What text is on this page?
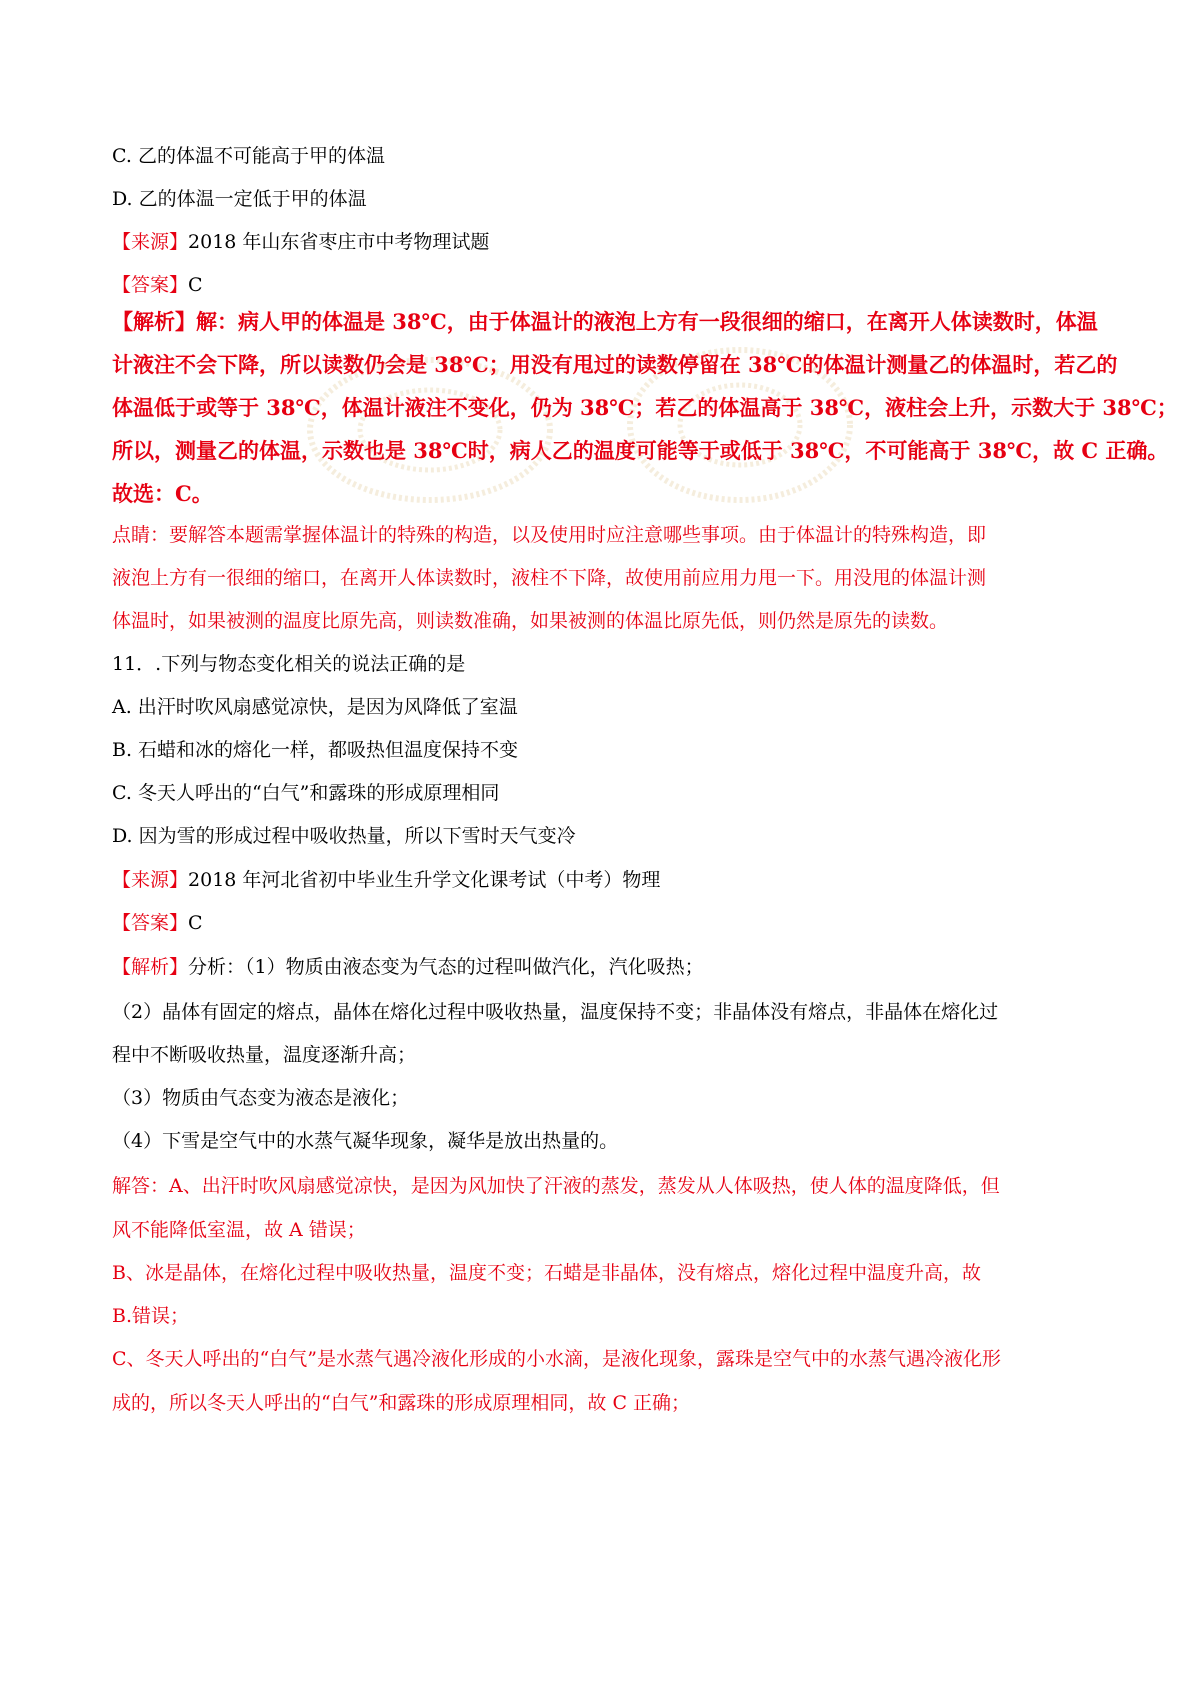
C. 乙的体温不可能高于甲的体温
D. 乙的体温一定低于甲的体温
【来源】2018 年山东省枣庄市中考物理试题
【答案】C
【解析】解：病人甲的体温是 38℃，由于体温计的液泡上方有一段很细的缩口，在离开人体读数时，体温
计液注不会下降，所以读数仍会是 38℃；用没有甩过的读数停留在 38℃的体温计测量乙的体温时，若乙的
体温低于或等于 38℃，体温计液注不变化，仍为 38℃；若乙的体温高于 38℃，液柱会上升，示数大于 38℃；
所以，测量乙的体温，示数也是 38℃时，病人乙的温度可能等于或低于 38℃，不可能高于 38℃，故 C 正确。
故选：C。
点睛：要解答本题需掌握体温计的特殊的构造，以及使用时应注意哪些事项。由于体温计的特殊构造，即
液泡上方有一很细的缩口，在离开人体读数时，液柱不下降，故使用前应用力甩一下。用没甩的体温计测
体温时，如果被测的温度比原先高，则读数准确，如果被测的体温比原先低，则仍然是原先的读数。
11．.下列与物态变化相关的说法正确的是
A. 出汗时吹风扇感觉凉快，是因为风降低了室温
B. 石蜡和冰的熔化一样，都吸热但温度保持不变
C. 冬天人呼出的“白气”和露珠的形成原理相同
D. 因为雪的形成过程中吸收热量，所以下雪时天气变冷
【来源】2018 年河北省初中毕业生升学文化课考试（中考）物理
【答案】C
【解析】分析：（1）物质由液态变为气态的过程叫做汽化，汽化吸热；
（2）晶体有固定的熔点，晶体在熔化过程中吸收热量，温度保持不变；非晶体没有熔点，非晶体在熔化过
程中不断吸收热量，温度逐渐升高；
（3）物质由气态变为液态是液化；
（4）下雪是空气中的水蒸气凝华现象，凝华是放出热量的。
解答：A、出汗时吹风扇感觉凉快，是因为风加快了汗液的蒸发，蒸发从人体吸热，使人体的温度降低，但
风不能降低室温，故 A 错误；
B、冰是晶体，在熔化过程中吸收热量，温度不变；石蜡是非晶体，没有熔点，熔化过程中温度升高，故
B.错误；
C、冬天人呼出的“白气”是水蒸气遇冷液化形成的小水滴，是液化现象，露珠是空气中的水蒸气遇冷液化形
成的，所以冬天人呼出的“白气”和露珠的形成原理相同，故 C 正确；
